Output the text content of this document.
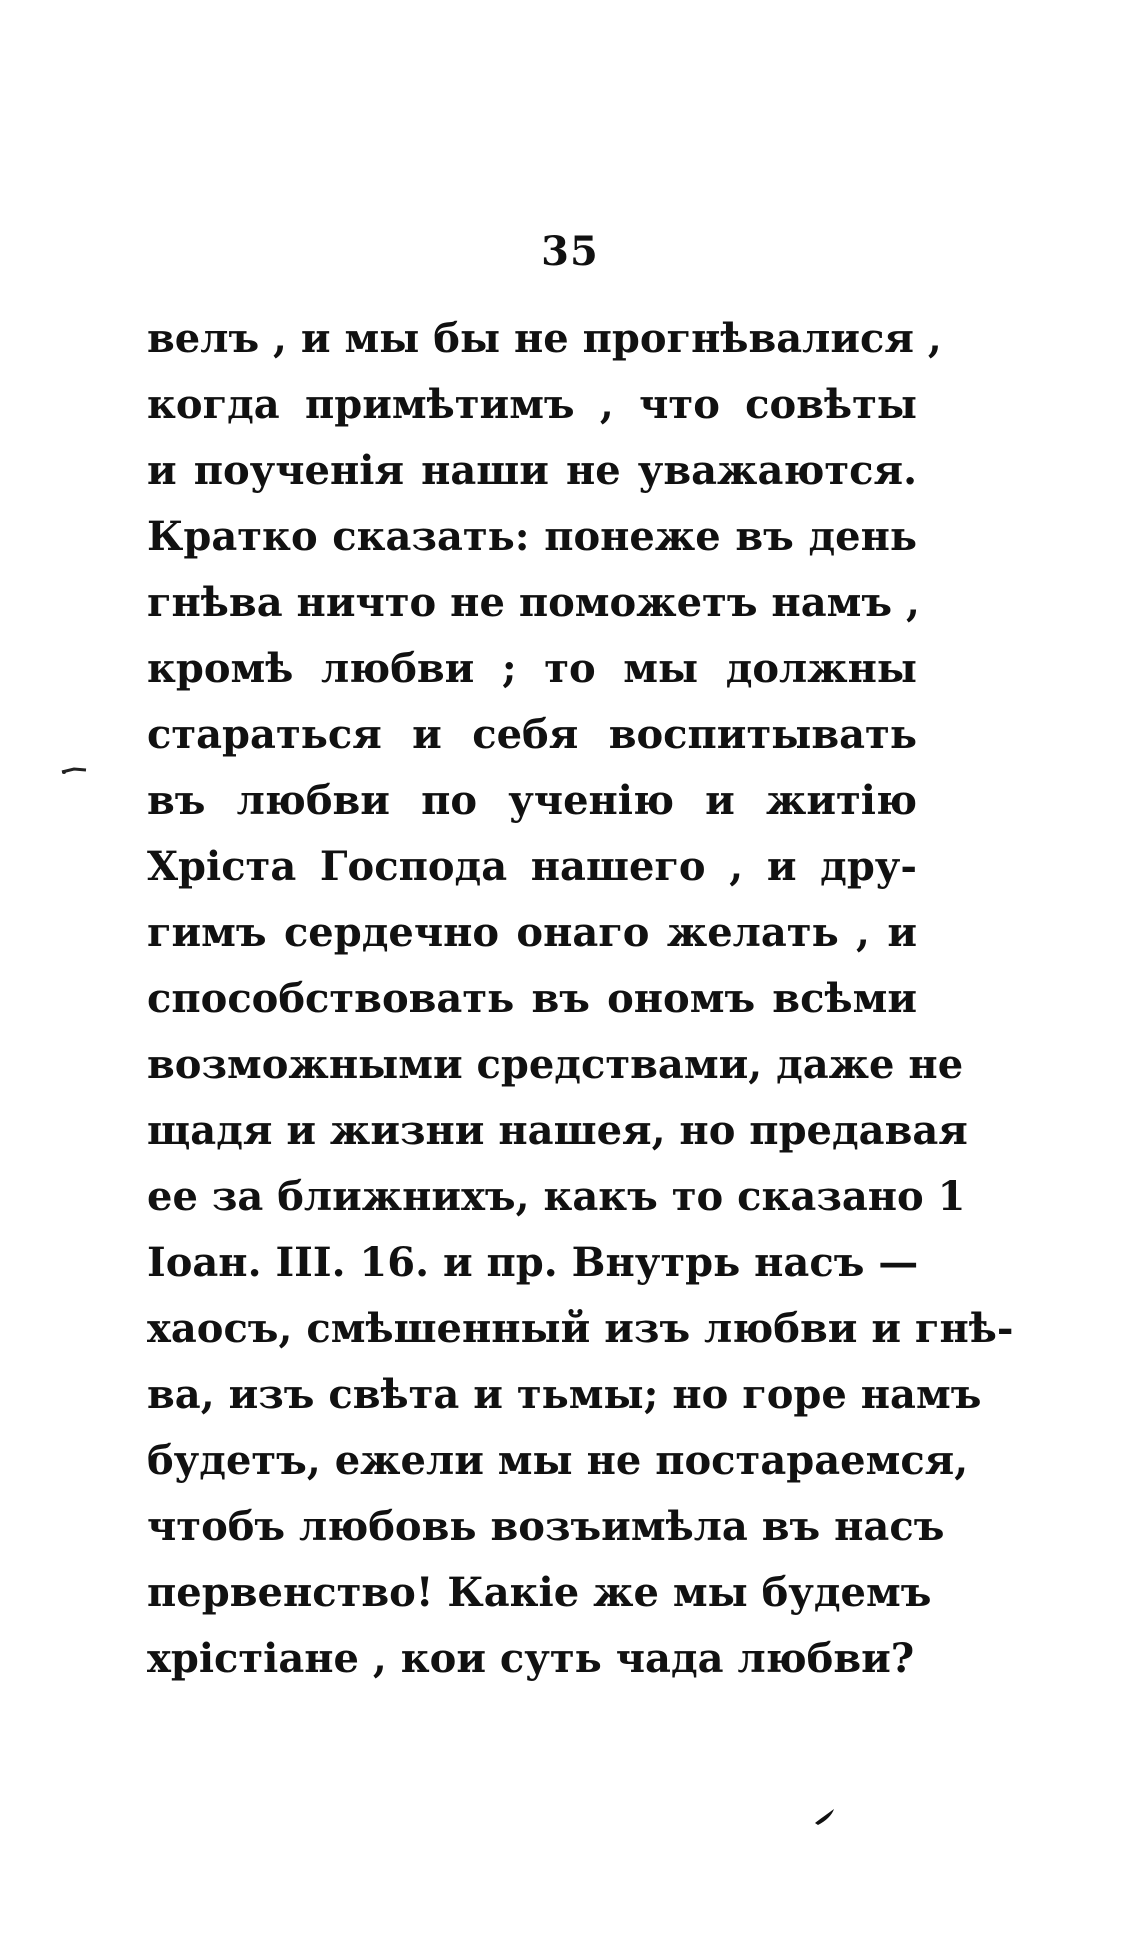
35
велъ , и мы бы не прогнѣвалися ,
когда примѣтимъ , что совѣты
и поученія наши не уважаются.
Кратко сказать: понеже въ день
гнѣва ничто не поможетъ намъ ,
кромѣ любви ; то мы должны
стараться и себя воспитывать
въ любви по ученію и житію
Хріста Господа нашего , и дру-
гимъ сердечно онаго желать , и
способствовать въ ономъ всѣми
возможными средствами, даже не
щадя и жизни нашея, но предавая
ее за ближнихъ, какъ то сказано 1
Іоан. III. 16. и пр. Внутрь насъ —
хаосъ, смѣшенный изъ любви и гнѣ-
ва, изъ свѣта и тьмы; но горе намъ
будетъ, ежели мы не постараемся,
чтобъ любовь возъимѣла въ насъ
первенство! Какіе же мы будемъ
хрістіане , кои суть чада любви?
